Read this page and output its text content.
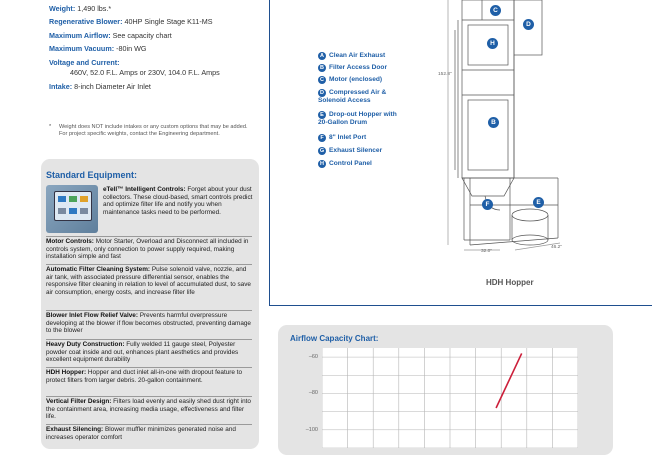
Weight: 1,490 lbs.*
Regenerative Blower: 40HP Single Stage K11-MS
Maximum Airflow: See capacity chart
Maximum Vacuum: -80in WG
Voltage and Current:
460V, 52.0 F.L. Amps or 230V, 104.0 F.L. Amps
Intake: 8-inch Diameter Air Inlet
* Weight does NOT include intakes or any custom options that may be added. For project specific weights, contact the Engineering department.
Standard Equipment:
eTell™ Intelligent Controls: Forget about your dust collectors. These cloud-based, smart controls predict and optimize filter life and notify you when maintenance tasks need to be performed.
Motor Controls: Motor Starter, Overload and Disconnect all included in controls system, only connection to power supply required, making installation simple and fast
Automatic Filter Cleaning System: Pulse solenoid valve, nozzle, and air tank, with associated pressure differential sensor, enables the responsive filter cleaning in relation to level of accumulated dust, to save air consumption, energy costs, and increase filter life
Blower Inlet Flow Relief Valve: Prevents harmful overpressure developing at the blower if flow becomes obstructed, preventing damage to the blower
Heavy Duty Construction: Fully welded 11 gauge steel, Polyester powder coat inside and out, enhances plant aesthetics and provides excellent equipment durability
HDH Hopper: Hopper and duct inlet all-in-one with dropout feature to protect filters from larger debris. 20-gallon containment.
Vertical Filter Design: Filters load evenly and easily shed dust right into the containment area, increasing media usage, effectiveness and filter life.
Exhaust Silencing: Blower muffler minimizes generated noise and increases operator comfort
A Clean Air Exhaust
B Filter Access Door
C Motor (enclosed)
D Compressed Air & Solenoid Access
E Drop-out Hopper with 20-Gallon Drum
F 8" Inlet Port
G Exhaust Silencer
H Control Panel
C
D
H
B
F	E
152.8"
32.0"
46.2"
HDH Hopper
Airflow Capacity Chart:
–100
–80
–60
